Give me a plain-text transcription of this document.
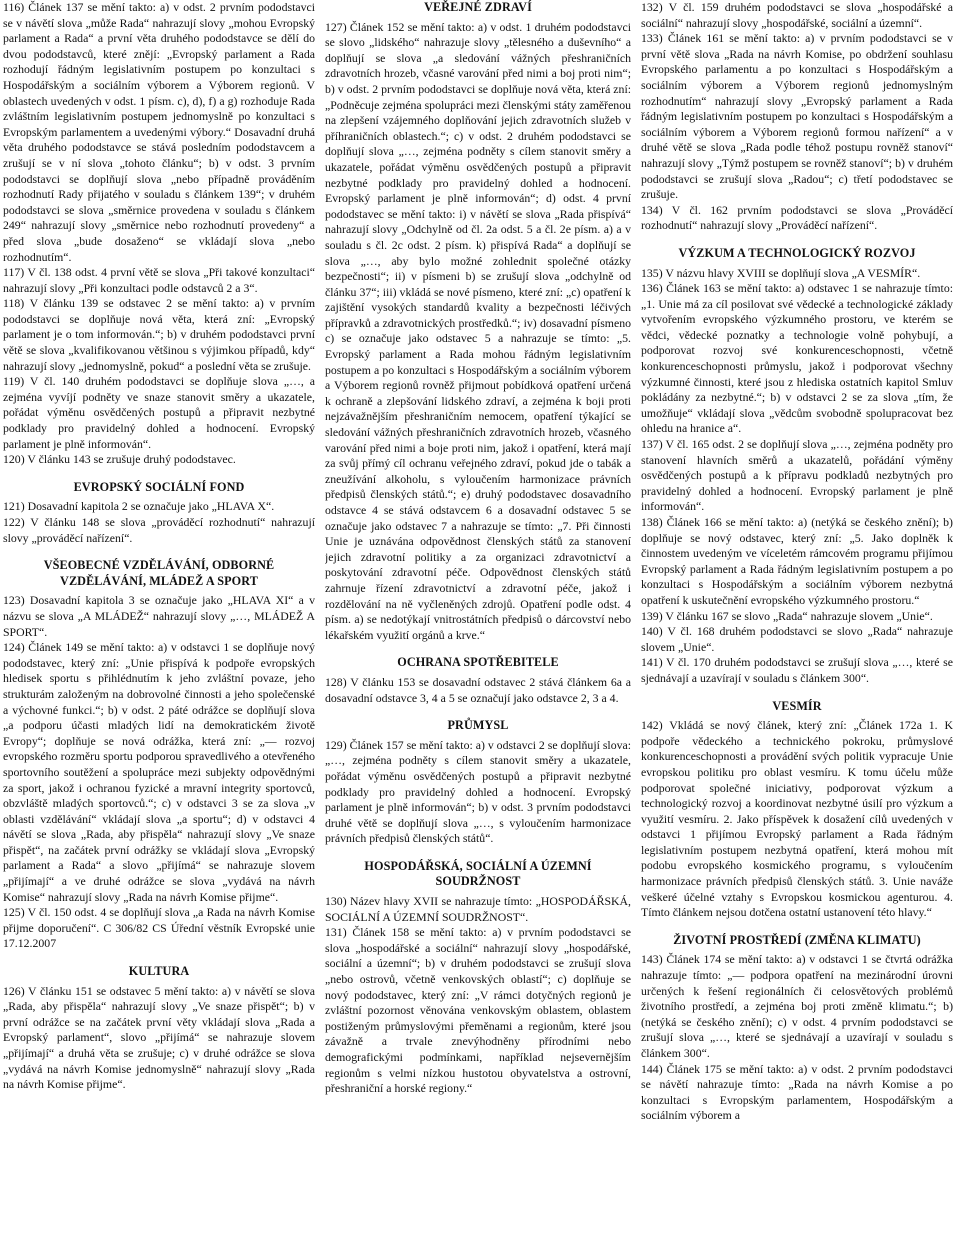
116) Článek 137 se mění takto: a) v odst. 2 prvním pododstavci se v návětí slova „může Rada“ nahrazují slovy „mohou Evropský parlament a Rada“ a první věta druhého pododstavce se dělí do dvou pododstavců, které znějí: „Evropský parlament a Rada rozhodují řádným legislativním postupem po konzultaci s Hospodářským a sociálním výborem a Výborem regionů. V oblastech uvedených v odst. 1 písm. c), d), f) a g) rozhoduje Rada zvláštním legislativním postupem jednomyslně po konzultaci s Evropským parlamentem a uvedenými výbory.“ Dosavadní druhá věta druhého pododstavce se stává posledním pododstavcem a zrušují se v ní slova „tohoto článku“; b) v odst. 3 prvním pododstavci se doplňují slova „nebo případně prováděním rozhodnutí Rady přijatého v souladu s článkem 139“; v druhém pododstavci se slova „směrnice provedena v souladu s článkem 249“ nahrazují slovy „směrnice nebo rozhodnutí provedeny“ a před slova „bude dosaženo“ se vkládají slova „nebo rozhodnutím“.

117) V čl. 138 odst. 4 první větě se slova „Při takové konzultaci“ nahrazují slovy „Při konzultaci podle odstavců 2 a 3“.

118) V článku 139 se odstavec 2 se mění takto: a) v prvním pododstavci se doplňuje nová věta, která zní: „Evropský parlament je o tom informován.“; b) v druhém pododstavci první větě se slova „kvalifikovanou většinou s výjimkou případů, kdy“ nahrazují slovy „jednomyslně, pokud“ a poslední věta se zrušuje.

119) V čl. 140 druhém pododstavci se doplňuje slova „…, a zejména vyvíjí podněty ve snaze stanovit směry a ukazatele, pořádat výměnu osvědčených postupů a připravit nezbytné podklady pro pravidelný dohled a hodnocení. Evropský parlament je plně informován“.

120) V článku 143 se zrušuje druhý pododstavec.

EVROPSKÝ SOCIÁLNÍ FOND

121) Dosavadní kapitola 2 se označuje jako „HLAVA X“.

122) V článku 148 se slova „prováděcí rozhodnutí“ nahrazují slovy „prováděcí nařízení“.

VŠEOBECNÉ VZDĚLÁVÁNÍ, ODBORNÉ VZDĚLÁVÁNÍ, MLÁDEŽ A SPORT

123) Dosavadní kapitola 3 se označuje jako „HLAVA XI“ a v názvu se slova „A MLÁDEŽ“ nahrazují slovy „…, MLÁDEŽ A SPORT“.

124) Článek 149 se mění takto: a) v odstavci 1 se doplňuje nový pododstavec, který zní: „Unie přispívá k podpoře evropských hledisek sportu s přihlédnutím k jeho zvláštní povaze, jeho strukturám založeným na dobrovolné činnosti a jeho společenské a výchovné funkci.“; b) v odst. 2 páté odrážce se doplňují slova „a podporu účasti mladých lidí na demokratickém životě Evropy“; doplňuje se nová odrážka, která zní: „— rozvoj evropského rozměru sportu podporou spravedlivého a otevřeného sportovního soutěžení a spolupráce mezi subjekty odpovědnými za sport, jakož i ochranou fyzické a mravní integrity sportovců, obzvláště mladých sportovců.“; c) v odstavci 3 se za slova „v oblasti vzdělávání“ vkládají slova „a sportu“; d) v odstavci 4 návětí se slova „Rada, aby přispěla“ nahrazují slovy „Ve snaze přispět“, na začátek první odrážky se vkládají slova „Evropský parlament a Rada“ a slovo „přijímá“ se nahrazuje slovem „přijímají“ a ve druhé odrážce se slova „vydává na návrh Komise“ nahrazují slovy „Rada na návrh Komise přijme“.

125) V čl. 150 odst. 4 se doplňují slova „a Rada na návrh Komise přijme doporučení“. C 306/82 CS Úřední věstník Evropské unie 17.12.2007

KULTURA

126) V článku 151 se odstavec 5 mění takto: a) v návětí se slova „Rada, aby přispěla“ nahrazují slovy „Ve snaze přispět“; b) v první odrážce se na začátek první věty vkládají slova „Rada a Evropský parlament“, slovo „přijímá“ se nahrazuje slovem „přijímají“ a druhá věta se zrušuje; c) v druhé odrážce se slova „vydává na návrh Komise jednomyslně“ nahrazují slovy „Rada na návrh Komise přijme“.

VEŘEJNÉ ZDRAVÍ

127) Článek 152 se mění takto: a) v odst. 1 druhém pododstavci se slovo „lidského“ nahrazuje slovy „tělesného a duševního“ a doplňují se slova „a sledování vážných přeshraničních zdravotních hrozeb, včasné varování před nimi a boj proti nim“; b) v odst. 2 prvním pododstavci se doplňuje nová věta, která zní: „Podněcuje zejména spolupráci mezi členskými státy zaměřenou na zlepšení vzájemného doplňování jejich zdravotních služeb v příhraničních oblastech.“; c) v odst. 2 druhém pododstavci se doplňují slova „…, zejména podněty s cílem stanovit směry a ukazatele, pořádat výměnu osvědčených postupů a připravit nezbytné podklady pro pravidelný dohled a hodnocení. Evropský parlament je plně informován“; d) odst. 4 první pododstavec se mění takto: i) v návětí se slova „Rada přispívá“ nahrazují slovy „Odchylně od čl. 2a odst. 5 a čl. 2e písm. a) a v souladu s čl. 2c odst. 2 písm. k) přispívá Rada“ a doplňují se slova „…, aby bylo možné zohlednit společné otázky bezpečnosti“; ii) v písmeni b) se zrušují slova „odchylně od článku 37“; iii) vkládá se nové písmeno, které zní: „c) opatření k zajištění vysokých standardů kvality a bezpečnosti léčivých přípravků a zdravotnických prostředků.“; iv) dosavadní písmeno c) se označuje jako odstavec 5 a nahrazuje se tímto: „5. Evropský parlament a Rada mohou řádným legislativním postupem a po konzultaci s Hospodářským a sociálním výborem a Výborem regionů rovněž přijmout pobídková opatření určená k ochraně a zlepšování lidského zdraví, a zejména k boji proti nejzávažnějším přeshraničním nemocem, opatření týkající se sledování vážných přeshraničních zdravotních hrozeb, včasného varování před nimi a boje proti nim, jakož i opatření, která mají za svůj přímý cíl ochranu veřejného zdraví, pokud jde o tabák a zneužívání alkoholu, s vyloučením harmonizace právních předpisů členských států.“; e) druhý pododstavec dosavadního odstavce 4 se stává odstavcem 6 a dosavadní odstavec 5 se označuje jako odstavec 7 a nahrazuje se tímto: „7. Při činnosti Unie je uznávána odpovědnost členských států za stanovení jejich zdravotní politiky a za organizaci zdravotnictví a poskytování zdravotní péče. Odpovědnost členských států zahrnuje řízení zdravotnictví a zdravotní péče, jakož i rozdělování na ně vyčleněných zdrojů. Opatření podle odst. 4 písm. a) se nedotýkají vnitrostátních předpisů o dárcovství nebo lékařském využití orgánů a krve.“

OCHRANA SPOTŘEBITELE

128) V článku 153 se dosavadní odstavec 2 stává článkem 6a a dosavadní odstavce 3, 4 a 5 se označují jako odstavce 2, 3 a 4.

PRŮMYSL

129) Článek 157 se mění takto: a) v odstavci 2 se doplňují slova: „…, zejména podněty s cílem stanovit směry a ukazatele, pořádat výměnu osvědčených postupů a připravit nezbytné podklady pro pravidelný dohled a hodnocení. Evropský parlament je plně informován“; b) v odst. 3 prvním pododstavci druhé větě se doplňují slova „…, s vyloučením harmonizace právních předpisů členských států“.

HOSPODÁŘSKÁ, SOCIÁLNÍ A ÚZEMNÍ SOUDRŽNOST

130) Název hlavy XVII se nahrazuje tímto: „HOSPODÁŘSKÁ, SOCIÁLNÍ A ÚZEMNÍ SOUDRŽNOST“.

131) Článek 158 se mění takto: a) v prvním pododstavci se slova „hospodářské a sociální“ nahrazují slovy „hospodářské, sociální a územní“; b) v druhém pododstavci se zrušují slova „nebo ostrovů, včetně venkovských oblastí“; c) doplňuje se nový pododstavec, který zní: „V rámci dotyčných regionů je zvláštní pozornost věnována venkovským oblastem, oblastem postiženým průmyslovými přeměnami a regionům, které jsou závažně a trvale znevýhodněny přírodními nebo demografickými podmínkami, například nejsevernějším regionům s velmi nízkou hustotou obyvatelstva a ostrovní, přeshraniční a horské regiony.“

132) V čl. 159 druhém pododstavci se slova „hospodářské a sociální“ nahrazují slovy „hospodářské, sociální a územní“.

133) Článek 161 se mění takto: a) v prvním pododstavci se v první větě slova „Rada na návrh Komise, po obdržení souhlasu Evropského parlamentu a po konzultaci s Hospodářským a sociálním výborem a Výborem regionů jednomyslným rozhodnutím“ nahrazují slovy „Evropský parlament a Rada řádným legislativním postupem po konzultaci s Hospodářským a sociálním výborem a Výborem regionů formou nařízení“ a v druhé větě se slova „Rada podle téhož postupu rovněž stanoví“ nahrazují slovy „Týmž postupem se rovněž stanoví“; b) v druhém pododstavci se zrušují slova „Radou“; c) třetí pododstavec se zrušuje.

134) V čl. 162 prvním pododstavci se slova „Prováděcí rozhodnutí“ nahrazují slovy „Prováděcí nařízení“.

VÝZKUM A TECHNOLOGICKÝ ROZVOJ

135) V názvu hlavy XVIII se doplňují slova „A VESMÍR“.

136) Článek 163 se mění takto: a) odstavec 1 se nahrazuje tímto: „1. Unie má za cíl posilovat své vědecké a technologické základy vytvořením evropského výzkumného prostoru, ve kterém se vědci, vědecké poznatky a technologie volně pohybují, a podporovat rozvoj své konkurenceschopnosti, včetně konkurenceschopnosti průmyslu, jakož i podporovat všechny výzkumné činnosti, které jsou z hlediska ostatních kapitol Smluv pokládány za nezbytné.“; b) v odstavci 2 se za slova „tím, že umožňuje“ vkládají slova „vědcům svobodně spolupracovat bez ohledu na hranice a“.

137) V čl. 165 odst. 2 se doplňují slova „…, zejména podněty pro stanovení hlavních směrů a ukazatelů, pořádání výměny osvědčených postupů a k přípravu podkladů nezbytných pro pravidelný dohled a hodnocení. Evropský parlament je plně informován“.

138) Článek 166 se mění takto: a) (netýká se českého znění); b) doplňuje se nový odstavec, který zní: „5. Jako doplněk k činnostem uvedeným ve víceletém rámcovém programu přijímou Evropský parlament a Rada řádným legislativním postupem a po konzultaci s Hospodářským a sociálním výborem nezbytná opatření k uskutečnění evropského výzkumného prostoru.“

139) V článku 167 se slovo „Rada“ nahrazuje slovem „Unie“.

140) V čl. 168 druhém pododstavci se slovo „Rada“ nahrazuje slovem „Unie“.

141) V čl. 170 druhém pododstavci se zrušují slova „…, které se sjednávají a uzavírají v souladu s článkem 300“.

VESMÍR

142) Vkládá se nový článek, který zní: „Článek 172a 1. K podpoře vědeckého a technického pokroku, průmyslové konkurenceschopnosti a provádění svých politik vypracuje Unie evropskou politiku pro oblast vesmíru. K tomu účelu může podporovat společné iniciativy, podporovat výzkum a technologický rozvoj a koordinovat nezbytné úsilí pro výzkum a využití vesmíru. 2. Jako příspěvek k dosažení cílů uvedených v odstavci 1 přijímou Evropský parlament a Rada řádným legislativním postupem nezbytná opatření, která mohou mít podobu evropského kosmického programu, s vyloučením harmonizace právních předpisů členských států. 3. Unie naváže veškeré účelné vztahy s Evropskou kosmickou agenturou. 4. Tímto článkem nejsou dotčena ostatní ustanovení této hlavy.“

ŽIVOTNÍ PROSTŘEDÍ (ZMĚNA KLIMATU)

143) Článek 174 se mění takto: a) v odstavci 1 se čtvrtá odrážka nahrazuje tímto: „— podpora opatření na mezinárodní úrovni určených k řešení regionálních či celosvětových problémů životního prostředí, a zejména boj proti změně klimatu.“; b) (netýká se českého znění); c) v odst. 4 prvním pododstavci se zrušují slova „…, které se sjednávají a uzavírají v souladu s článkem 300“.

144) Článek 175 se mění takto: a) v odst. 2 prvním pododstavci se návětí nahrazuje tímto: „Rada na návrh Komise a po konzultaci s Evropským parlamentem, Hospodářským a sociálním výborem a
